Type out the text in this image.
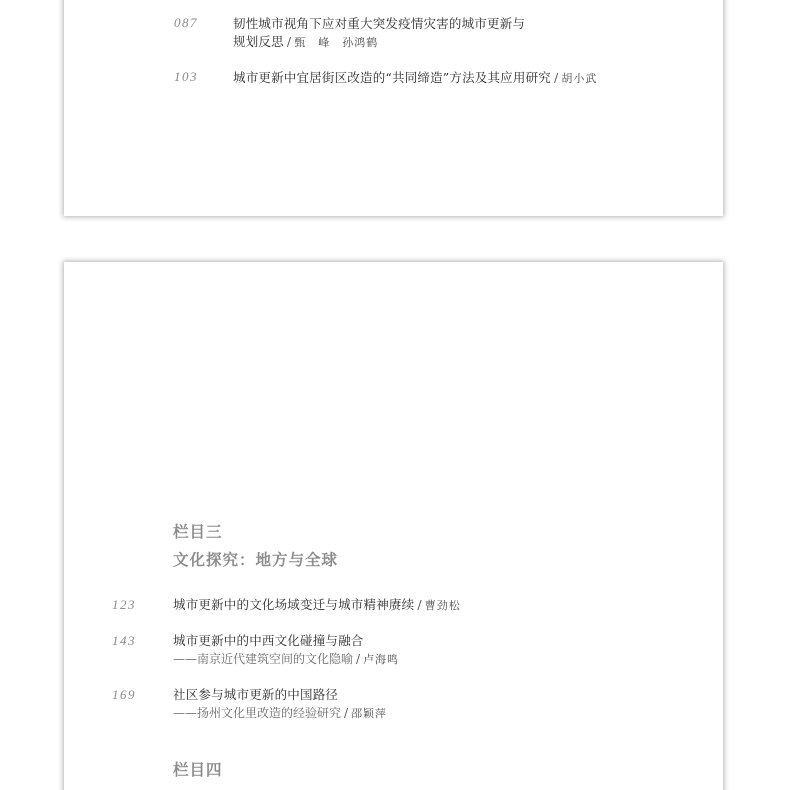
087	韧性城市视角下应对重大突发疫情灾害的城市更新与
规划反思 / 甄　峰　孙鸿鹤
103	城市更新中宜居街区改造的“共同缔造”方法及其应用研究 / 胡小武
栏目三
文化探究：地方与全球
123	城市更新中的文化场域变迁与城市精神赓续 / 曹劲松
143	城市更新中的中西文化碰撞与融合
——南京近代建筑空间的文化隐喻 / 卢海鸣
169	社区参与城市更新的中国路径
——扬州文化里改造的经验研究 / 邵颖萍
栏目四
